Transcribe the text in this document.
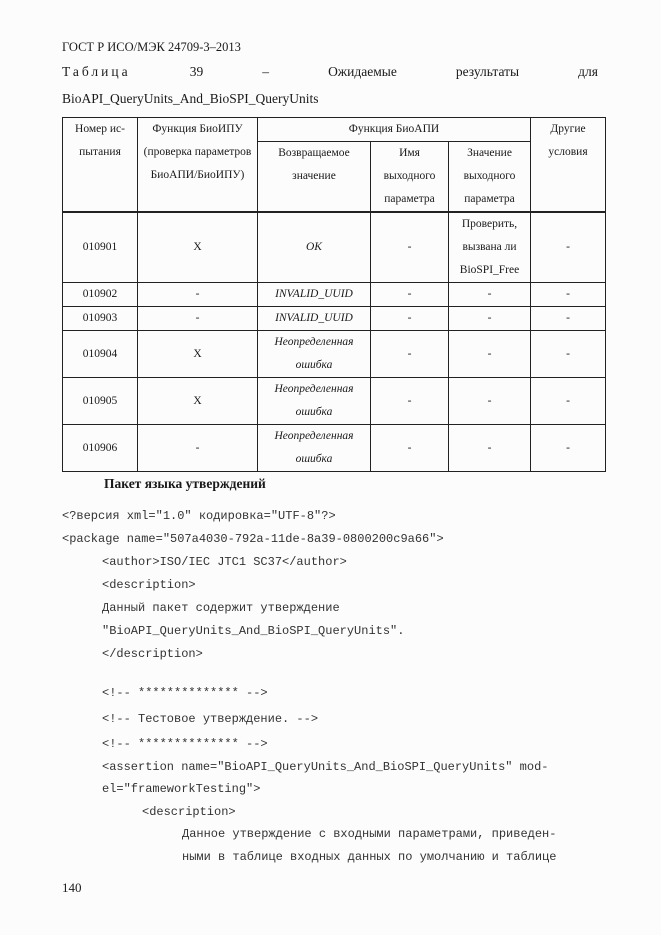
ГОСТ Р ИСО/МЭК 24709-3–2013
Таблица	39	–	Ожидаемые	результаты	для
BioAPI_QueryUnits_And_BioSPI_QueryUnits
Номер ис-пытания	Функция БиоИПУ (проверка параметров БиоАПИ/БиоИПУ)	Функция БиоАПИ			Другие условия
		Возвращаемое значение	Имя выходного параметра	Значение выходного параметра	
010901	X	OK	-	Проверить, вызвана ли BioSPI_Free	-
010902	-	INVALID_UUID	-	-	-
010903	-	INVALID_UUID	-	-	-
010904	X	Неопределенная ошибка	-	-	-
010905	X	Неопределенная ошибка	-	-	-
010906	-	Неопределенная ошибка	-	-	-
Пакет языка утверждений
<?версия xml="1.0" кодировка="UTF-8"?>
<package name="507a4030-792a-11de-8a39-0800200c9a66">
<author>ISO/IEC JTC1 SC37</author>
<description>
Данный пакет содержит утверждение
"BioAPI_QueryUnits_And_BioSPI_QueryUnits".
</description>
<!-- ************** -->
<!-- Тестовое утверждение. -->
<!-- ************** -->
<assertion name="BioAPI_QueryUnits_And_BioSPI_QueryUnits" mod-
el="frameworkTesting">
<description>
Данное утверждение с входными параметрами, приведен-
ными в таблице входных данных по умолчанию и таблице
140
